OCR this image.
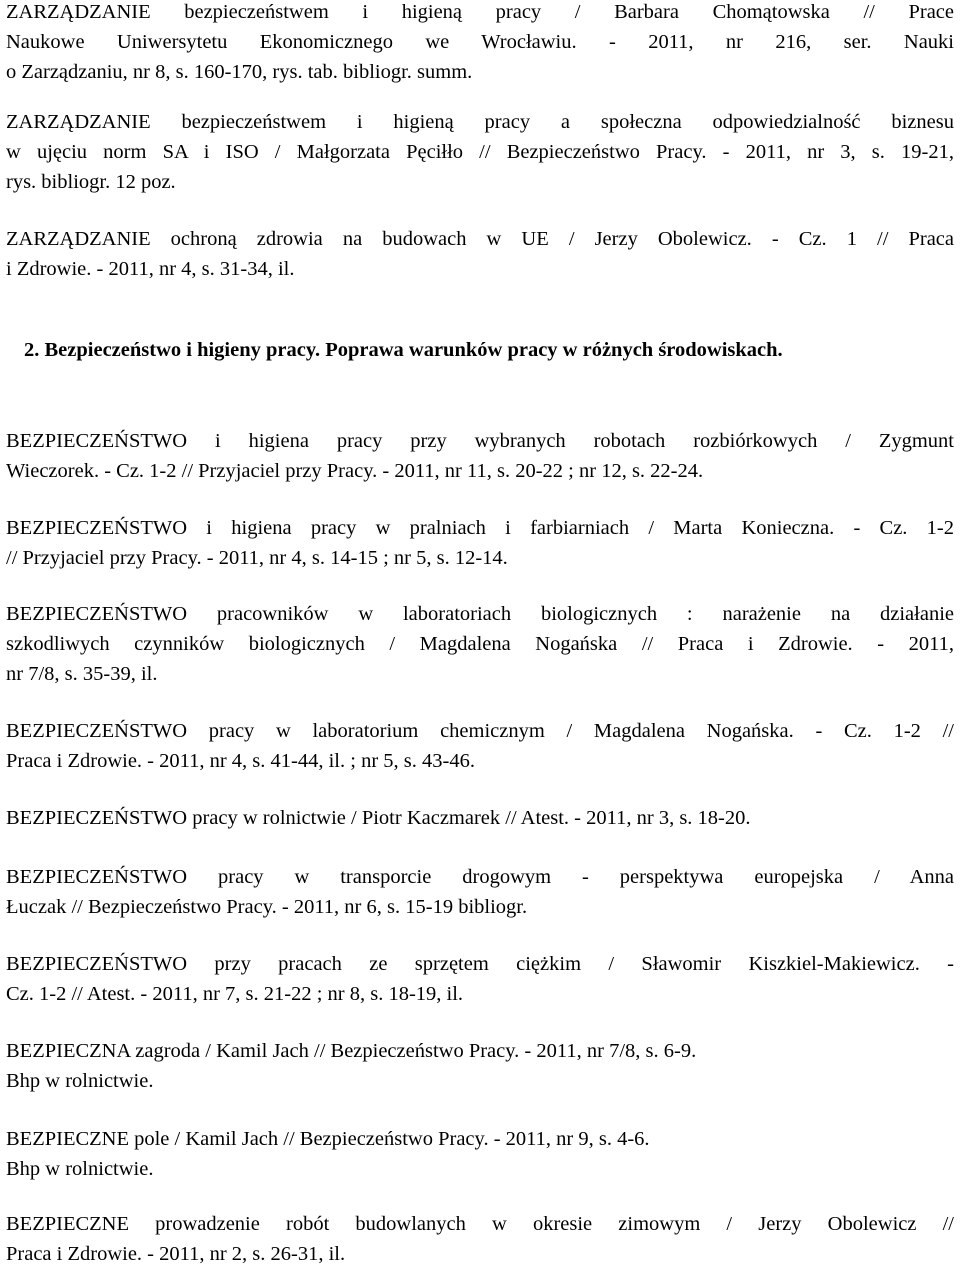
ZARZĄDZANIE bezpieczeństwem i higieną pracy / Barbara Chomątowska // Prace
Naukowe Uniwersytetu Ekonomicznego we Wrocławiu. - 2011, nr 216, ser. Nauki
o Zarządzaniu, nr 8, s. 160-170, rys. tab. bibliogr. summ.
ZARZĄDZANIE bezpieczeństwem i higieną pracy a społeczna odpowiedzialność biznesu
w ujęciu norm SA i ISO / Małgorzata Pęciłło // Bezpieczeństwo Pracy. - 2011, nr 3, s. 19-21,
rys. bibliogr. 12 poz.
ZARZĄDZANIE ochroną zdrowia na budowach w UE / Jerzy Obolewicz. - Cz. 1 // Praca
i Zdrowie. - 2011, nr 4, s. 31-34, il.
2. Bezpieczeństwo i higieny pracy. Poprawa warunków pracy w różnych środowiskach.
BEZPIECZEŃSTWO i higiena pracy przy wybranych robotach rozbiórkowych / Zygmunt
Wieczorek. - Cz. 1-2 // Przyjaciel przy Pracy. - 2011, nr 11, s. 20-22 ; nr 12, s. 22-24.
BEZPIECZEŃSTWO i higiena pracy w pralniach i farbiarniach / Marta Konieczna. - Cz. 1-2
// Przyjaciel przy Pracy. - 2011, nr 4, s. 14-15 ; nr 5, s. 12-14.
BEZPIECZEŃSTWO pracowników w laboratoriach biologicznych : narażenie na działanie
szkodliwych czynników biologicznych / Magdalena Nogańska // Praca i Zdrowie. - 2011,
nr 7/8, s. 35-39, il.
BEZPIECZEŃSTWO pracy w laboratorium chemicznym / Magdalena Nogańska. - Cz. 1-2 //
Praca i Zdrowie. - 2011, nr 4, s. 41-44, il. ; nr 5, s. 43-46.
BEZPIECZEŃSTWO pracy w rolnictwie / Piotr Kaczmarek // Atest. - 2011, nr 3, s. 18-20.
BEZPIECZEŃSTWO pracy w transporcie drogowym - perspektywa europejska / Anna
Łuczak // Bezpieczeństwo Pracy. - 2011, nr 6, s. 15-19 bibliogr.
BEZPIECZEŃSTWO przy pracach ze sprzętem ciężkim / Sławomir Kiszkiel-Makiewicz. -
Cz. 1-2 // Atest. - 2011, nr 7, s. 21-22 ; nr 8, s. 18-19, il.
BEZPIECZNA zagroda / Kamil Jach // Bezpieczeństwo Pracy. - 2011, nr 7/8, s. 6-9.
Bhp w rolnictwie.
BEZPIECZNE pole / Kamil Jach // Bezpieczeństwo Pracy. - 2011, nr 9, s. 4-6.
Bhp w rolnictwie.
BEZPIECZNE prowadzenie robót budowlanych w okresie zimowym / Jerzy Obolewicz //
Praca i Zdrowie. - 2011, nr 2, s. 26-31, il.
